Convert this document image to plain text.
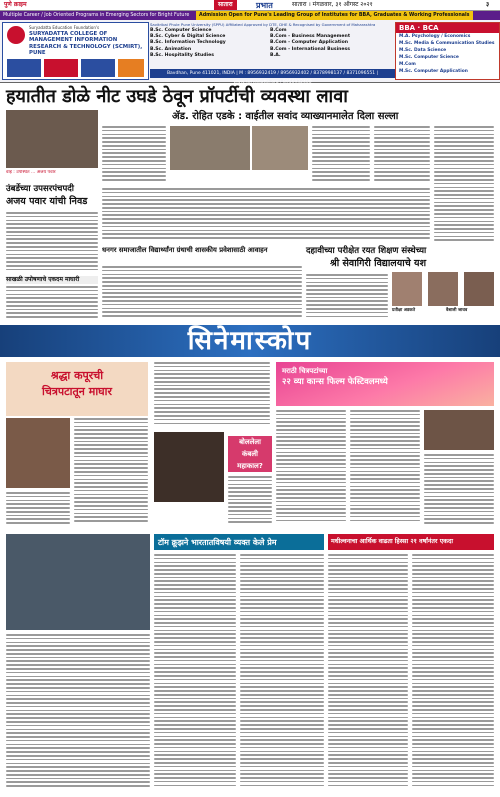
पुणे क्राइम	सातारा	प्रभात	सातारा । मंगळवार, ३१ ऑगस्ट २०२१	३
Multiple Career / Job Oriented Programs in Emerging Sectors for Bright Future	Admission Open for Pune's Leading Group of Institutes for BBA, Graduates & Working Professionals
Suryadatta Education Foundation's
SURYADATTA COLLEGE OF MANAGEMENT INFORMATION RESEARCH & TECHNOLOGY (SCMIRT), PUNE
Savitribai Phule Pune University (SPPU) Affiliated Approved by DTE, DHE & Recognised by Government of Maharashtra
B.Sc. Computer Science
B.Sc. Cyber & Digital Science
B.Sc. Information Technology
B.Sc. Animation
B.Sc. Hospitality Studies
B.Com
B.Com - Business Management
B.Com - Computer Application
B.Com - International Business
B.A.
BBA · BCA
M.A. Psychology / Economics
M.Sc. Media & Communication Studies
M.Sc. Data Science
M.Sc. Computer Science
M.Com
M.Sc. Computer Application
Bavdhan, Pune 411021, INDIA | M : 8956932419 / 8956932402 / 8378998137 / 8371096551 | www.suryadatta.org | 8956932400
हयातीत डोळे नीट उघडे ठेवून प्रॉपर्टीची व्यवस्था लावा
वाई : उपस्थित ... अजय पवार
उंबर्डेच्या उपसरपंचपदी
अजय पवार यांची निवड
साखळी उपोषणाचे एकदम माघारी
ॲड. रोहित एडके : वाईतील सवांद व्याख्यानमालेत दिला सल्ला
धनगर समाजातील विद्यार्थ्यांना ग्रंथाची शासकीय प्रवेशासाठी आवाहन	दहावीच्या परीक्षेत रयत शिक्षण संस्थेच्या
श्री सेवागिरी विद्यालयाचे यश
प्रतीक्षा अडकते	वैशाली जाधव
सिनेमास्कोप
श्रद्धा कपूरची
चित्रपटातून माघार
बोललेला
कंबली
महाकाल?
मराठी चित्रपटांच्या
२२ व्या कान्स फिल्म फेस्टिवलमध्ये
टॉम क्रूझने भारतातविषयी व्यक्त केले प्रेम	मधील्वनाचा आर्थिक वाढता हिस्सा २१ वर्षांनंतर एकदा
